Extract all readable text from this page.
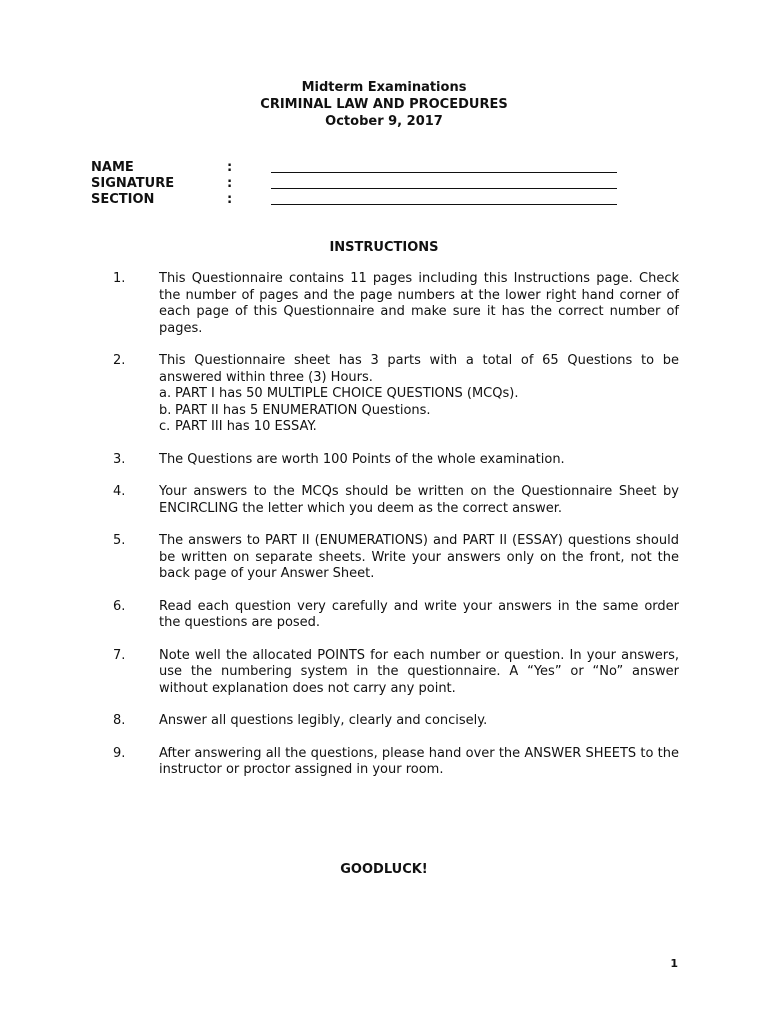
Midterm Examinations
CRIMINAL LAW AND PROCEDURES
October 9, 2017
NAME	:
SIGNATURE	:
SECTION	:
INSTRUCTIONS
1.	This Questionnaire contains 11 pages including this Instructions page. Check the number of pages and the page numbers at the lower right hand corner of each page of this Questionnaire and make sure it has the correct number of pages.
2.	This Questionnaire sheet has 3 parts with a total of 65 Questions to be answered within three (3) Hours.
a. PART I has 50 MULTIPLE CHOICE QUESTIONS (MCQs).
b. PART II has 5 ENUMERATION Questions.
c. PART III has 10 ESSAY.
3.	The Questions are worth 100 Points of the whole examination.
4.	Your answers to the MCQs should be written on the Questionnaire Sheet by ENCIRCLING the letter which you deem as the correct answer.
5.	The answers to PART II (ENUMERATIONS) and PART II (ESSAY) questions should be written on separate sheets. Write your answers only on the front, not the back page of your Answer Sheet.
6.	Read each question very carefully and write your answers in the same order the questions are posed.
7.	Note well the allocated POINTS for each number or question. In your answers, use the numbering system in the questionnaire. A “Yes” or “No” answer without explanation does not carry any point.
8.	Answer all questions legibly, clearly and concisely.
9.	After answering all the questions, please hand over the ANSWER SHEETS to the instructor or proctor assigned in your room.
GOODLUCK!
1
